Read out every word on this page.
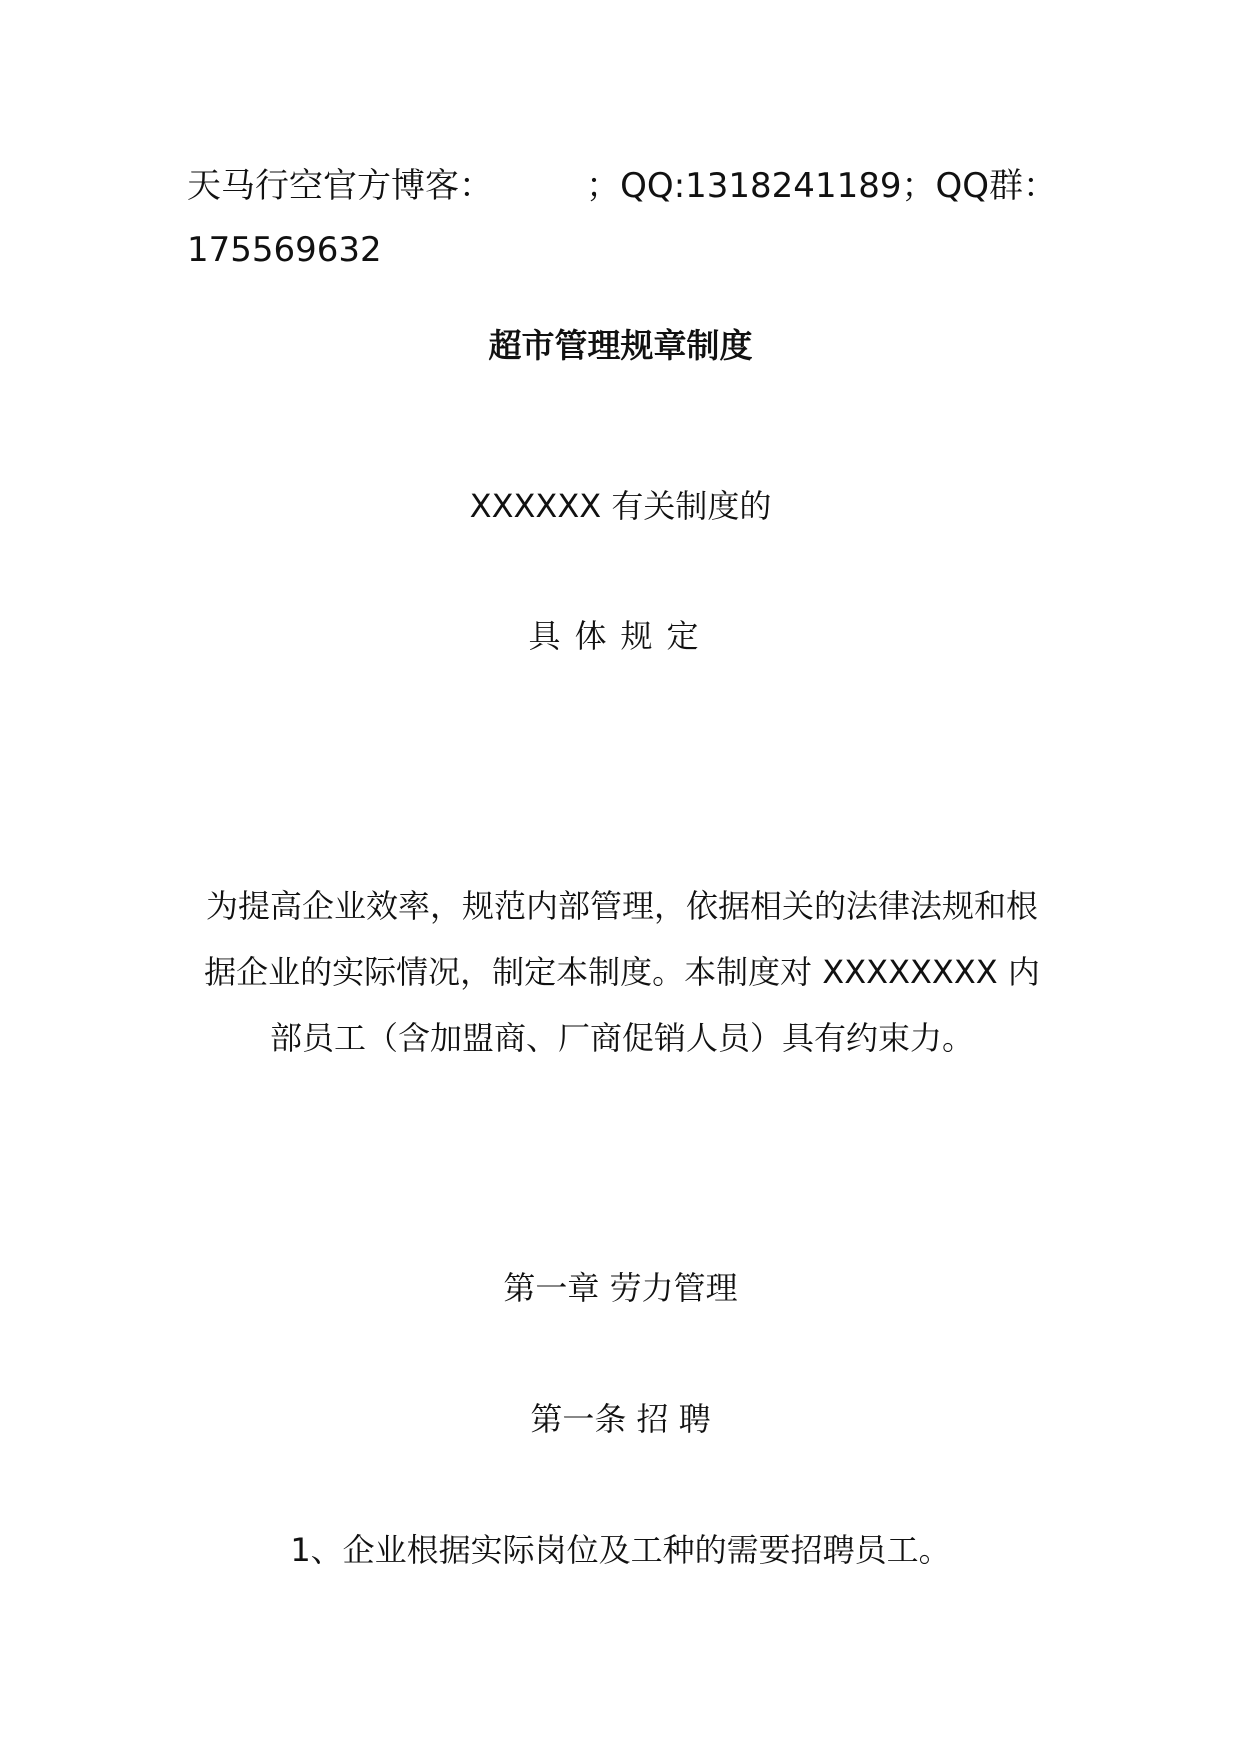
天马行空官方博客：	；QQ:1318241189；QQ群：
175569632
超市管理规章制度
XXXXXX 有关制度的
具体规定
为提高企业效率，规范内部管理，依据相关的法律法规和根
据企业的实际情况，制定本制度。本制度对 XXXXXXXX 内
部员工（含加盟商、厂商促销人员）具有约束力。
第一章 劳力管理
第一条 招 聘
1、企业根据实际岗位及工种的需要招聘员工。
